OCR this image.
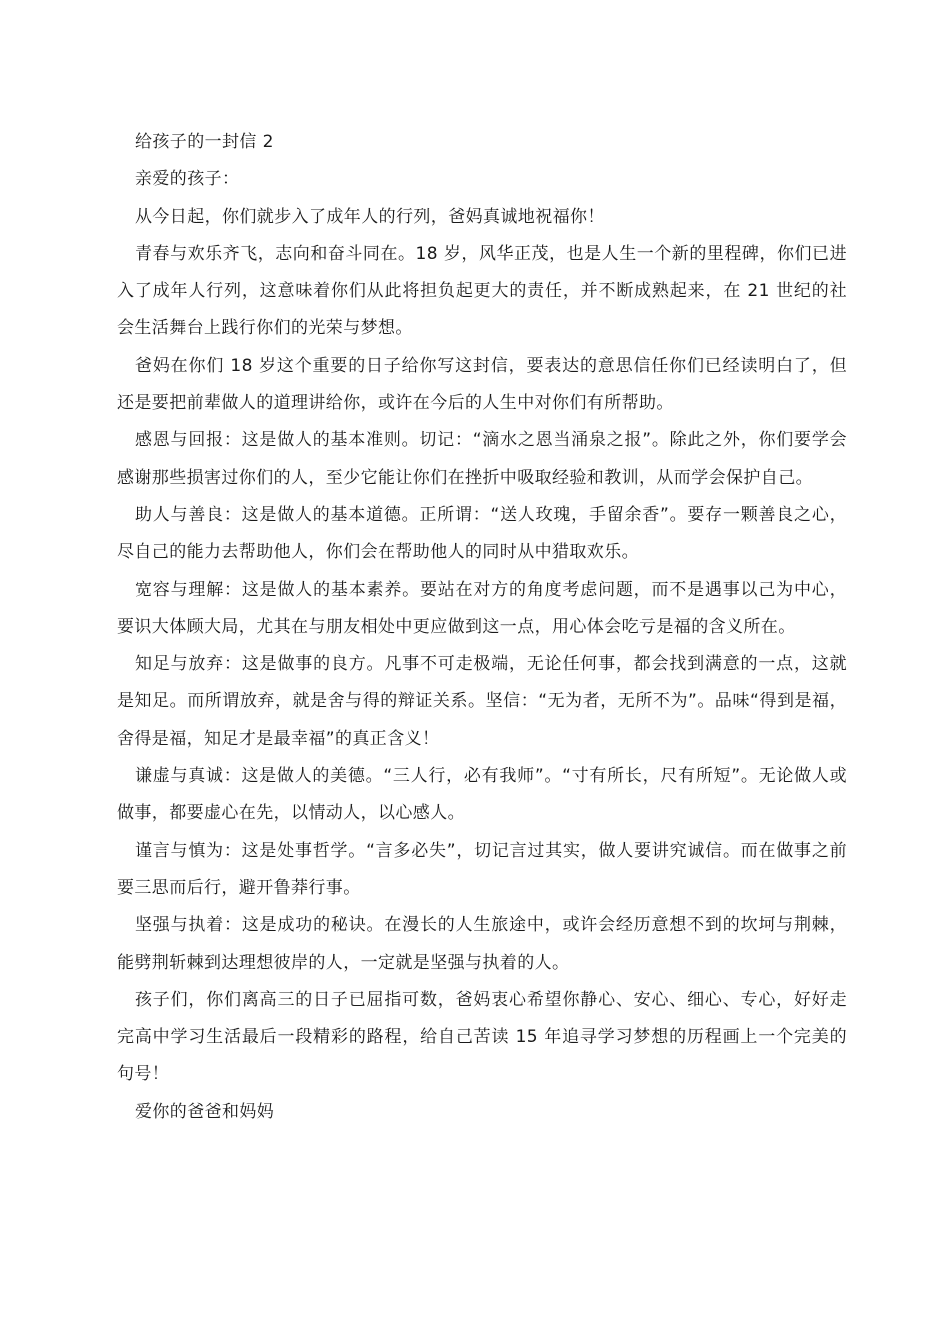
给孩子的一封信 2

亲爱的孩子：

从今日起，你们就步入了成年人的行列，爸妈真诚地祝福你！

青春与欢乐齐飞，志向和奋斗同在。18 岁，风华正茂，也是人生一个新的里程碑，你们已进入了成年人行列，这意味着你们从此将担负起更大的责任，并不断成熟起来，在 21 世纪的社会生活舞台上践行你们的光荣与梦想。

爸妈在你们 18 岁这个重要的日子给你写这封信，要表达的意思信任你们已经读明白了，但还是要把前辈做人的道理讲给你，或许在今后的人生中对你们有所帮助。

感恩与回报：这是做人的基本准则。切记：“滴水之恩当涌泉之报”。除此之外，你们要学会感谢那些损害过你们的人，至少它能让你们在挫折中吸取经验和教训，从而学会保护自己。

助人与善良：这是做人的基本道德。正所谓：“送人玫瑰，手留余香”。要存一颗善良之心，尽自己的能力去帮助他人，你们会在帮助他人的同时从中猎取欢乐。

宽容与理解：这是做人的基本素养。要站在对方的角度考虑问题，而不是遇事以己为中心，要识大体顾大局，尤其在与朋友相处中更应做到这一点，用心体会吃亏是福的含义所在。

知足与放弃：这是做事的良方。凡事不可走极端，无论任何事，都会找到满意的一点，这就是知足。而所谓放弃，就是舍与得的辩证关系。坚信：“无为者，无所不为”。品味“得到是福，舍得是福，知足才是最幸福”的真正含义！

谦虚与真诚：这是做人的美德。“三人行，必有我师”。“寸有所长，尺有所短”。无论做人或做事，都要虚心在先，以情动人，以心感人。

谨言与慎为：这是处事哲学。“言多必失”，切记言过其实，做人要讲究诚信。而在做事之前要三思而后行，避开鲁莽行事。

坚强与执着：这是成功的秘诀。在漫长的人生旅途中，或许会经历意想不到的坎坷与荆棘，能劈荆斩棘到达理想彼岸的人，一定就是坚强与执着的人。

孩子们，你们离高三的日子已屈指可数，爸妈衷心希望你静心、安心、细心、专心，好好走完高中学习生活最后一段精彩的路程，给自己苦读 15 年追寻学习梦想的历程画上一个完美的句号！

爱你的爸爸和妈妈
